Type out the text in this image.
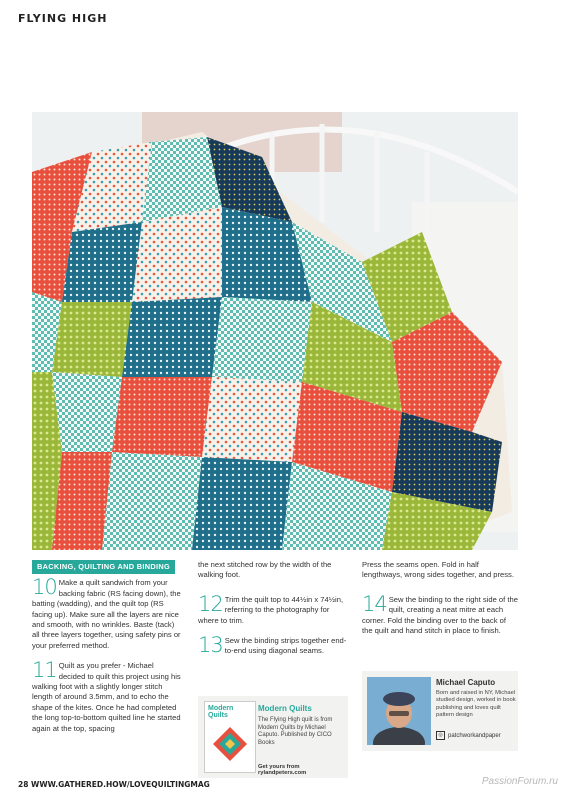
FLYING HIGH
BACKING, QUILTING AND BINDING
10 Make a quilt sandwich from your backing fabric (RS facing down), the batting (wadding), and the quilt top (RS facing up). Make sure all the layers are nice and smooth, with no wrinkles. Baste (tack) all three layers together, using safety pins or your preferred method.
11 Quilt as you prefer - Michael decided to quilt this project using his walking foot with a slightly longer stitch length of around 3.5mm, and to echo the shape of the kites. Once he had completed the long top-to-bottom quilted line he started again at the top, spacing
the next stitched row by the width of the walking foot.
12 Trim the quilt top to 44½in x 74½in, referring to the photography for where to trim.
13 Sew the binding strips together end-to-end using diagonal seams.
Press the seams open. Fold in half lengthways, wrong sides together, and press.
14 Sew the binding to the right side of the quilt, creating a neat mitre at each corner. Fold the binding over to the back of the quilt and hand stitch in place to finish.
Modern Quilts
Modern Quilts
The Flying High quilt is from Modern Quilts by Michael Caputo. Published by CICO Books
Get yours from rylandpeters.com
Michael Caputo
Born and raised in NY, Michael studied design, worked in book publishing and loves quilt pattern design
◎ patchworkandpaper
28 WWW.GATHERED.HOW/LOVEQUILTINGMAG	PassionForum.ru
